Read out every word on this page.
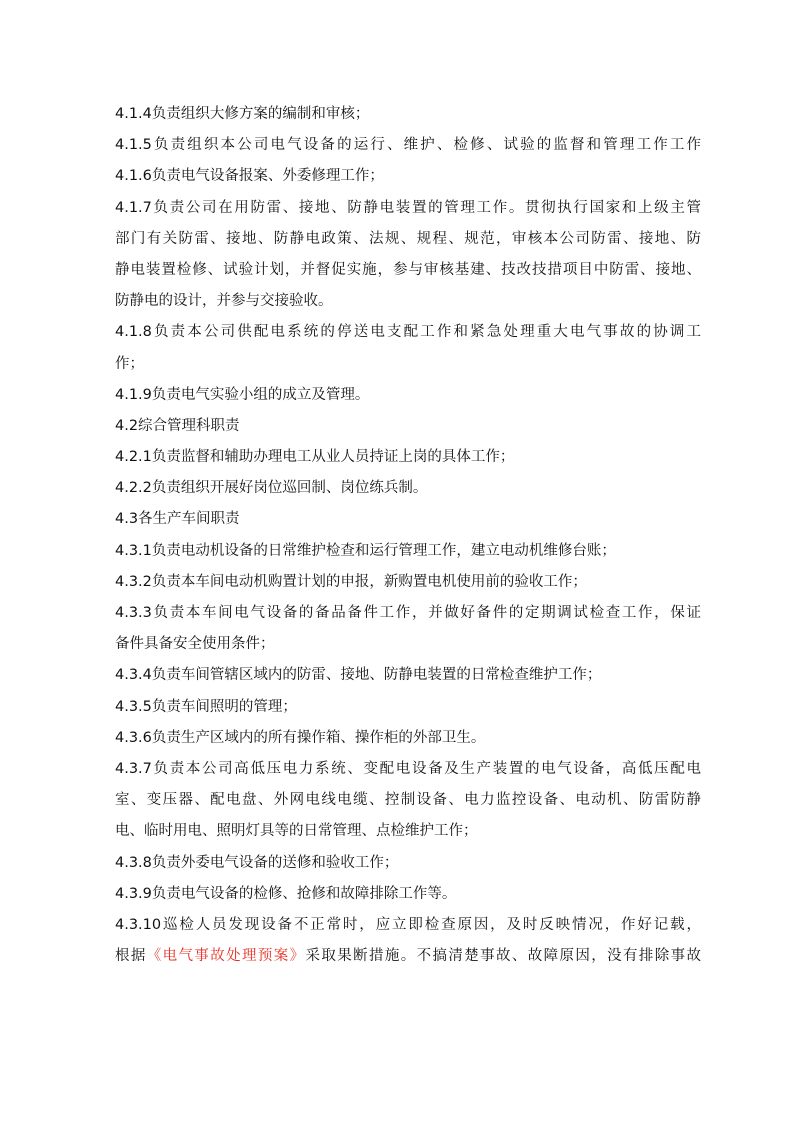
4.1.4负责组织大修方案的编制和审核；
4.1.5负责组织本公司电气设备的运行、维护、检修、试验的监督和管理工作工作
4.1.6负责电气设备报案、外委修理工作；
4.1.7负责公司在用防雷、接地、防静电装置的管理工作。贯彻执行国家和上级主管
部门有关防雷、接地、防静电政策、法规、规程、规范，审核本公司防雷、接地、防
静电装置检修、试验计划，并督促实施，参与审核基建、技改技措项目中防雷、接地、
防静电的设计，并参与交接验收。
4.1.8负责本公司供配电系统的停送电支配工作和紧急处理重大电气事故的协调工
作；
4.1.9负责电气实验小组的成立及管理。
4.2综合管理科职责
4.2.1负责监督和辅助办理电工从业人员持证上岗的具体工作；
4.2.2负责组织开展好岗位巡回制、岗位练兵制。
4.3各生产车间职责
4.3.1负责电动机设备的日常维护检查和运行管理工作，建立电动机维修台账；
4.3.2负责本车间电动机购置计划的申报，新购置电机使用前的验收工作；
4.3.3负责本车间电气设备的备品备件工作，并做好备件的定期调试检查工作，保证
备件具备安全使用条件；
4.3.4负责车间管辖区域内的防雷、接地、防静电装置的日常检查维护工作；
4.3.5负责车间照明的管理；
4.3.6负责生产区域内的所有操作箱、操作柜的外部卫生。
4.3.7负责本公司高低压电力系统、变配电设备及生产装置的电气设备，高低压配电
室、变压器、配电盘、外网电线电缆、控制设备、电力监控设备、电动机、防雷防静
电、临时用电、照明灯具等的日常管理、点检维护工作；
4.3.8负责外委电气设备的送修和验收工作；
4.3.9负责电气设备的检修、抢修和故障排除工作等。
4.3.10巡检人员发现设备不正常时，应立即检查原因，及时反映情况，作好记载，
根据《电气事故处理预案》采取果断措施。不搞清楚事故、故障原因，没有排除事故
